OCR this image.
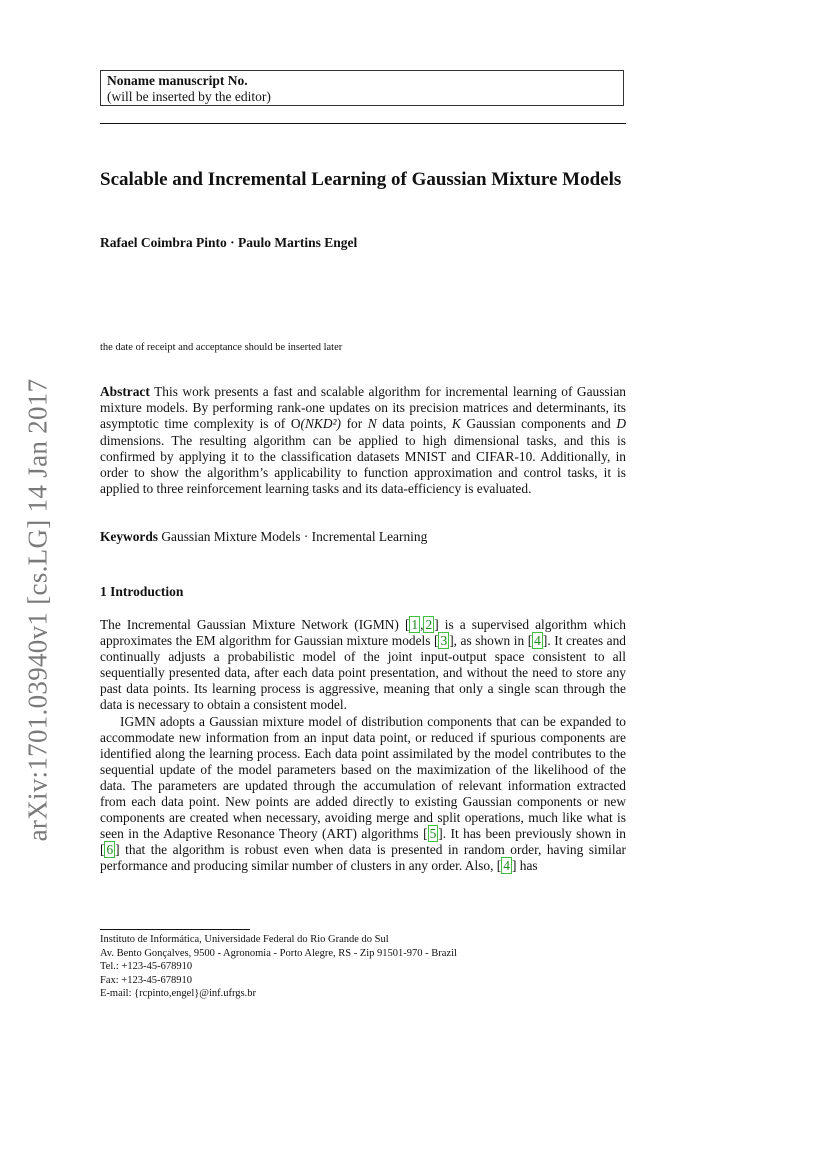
arXiv:1701.03940v1 [cs.LG] 14 Jan 2017
Noname manuscript No.
(will be inserted by the editor)
Scalable and Incremental Learning of Gaussian Mixture Models
Rafael Coimbra Pinto · Paulo Martins Engel
the date of receipt and acceptance should be inserted later
Abstract This work presents a fast and scalable algorithm for incremental learning of Gaussian mixture models. By performing rank-one updates on its precision matrices and determinants, its asymptotic time complexity is of O(NKD²) for N data points, K Gaussian components and D dimensions. The resulting algorithm can be applied to high dimensional tasks, and this is confirmed by applying it to the classification datasets MNIST and CIFAR-10. Additionally, in order to show the algorithm’s applicability to function approximation and control tasks, it is applied to three reinforcement learning tasks and its data-efficiency is evaluated.
Keywords Gaussian Mixture Models · Incremental Learning
1 Introduction

The Incremental Gaussian Mixture Network (IGMN) [ 1 , 2 ] is a supervised algorithm which approximates the EM algorithm for Gaussian mixture models [ 3 ], as shown in [ 4 ]. It creates and continually adjusts a probabilistic model of the joint input-output space consistent to all sequentially presented data, after each data point presentation, and without the need to store any past data points. Its learning process is aggressive, meaning that only a single scan through the data is necessary to obtain a consistent model.

IGMN adopts a Gaussian mixture model of distribution components that can be expanded to accommodate new information from an input data point, or reduced if spurious components are identified along the learning process. Each data point assimilated by the model contributes to the sequential update of the model parameters based on the maximization of the likelihood of the data. The parameters are updated through the accumulation of relevant information extracted from each data point. New points are added directly to existing Gaussian components or new components are created when necessary, avoiding merge and split operations, much like what is seen in the Adaptive Resonance Theory (ART) algorithms [ 5 ]. It has been previously shown in [ 6 ] that the algorithm is robust even when data is presented in random order, having similar performance and producing similar number of clusters in any order. Also, [ 4 ] has

Instituto de Informática, Universidade Federal do Rio Grande do Sul
Av. Bento Gonçalves, 9500 - Agronomia - Porto Alegre, RS - Zip 91501-970 - Brazil
Tel.: +123-45-678910
Fax: +123-45-678910
E-mail: {rcpinto,engel}@inf.ufrgs.br
